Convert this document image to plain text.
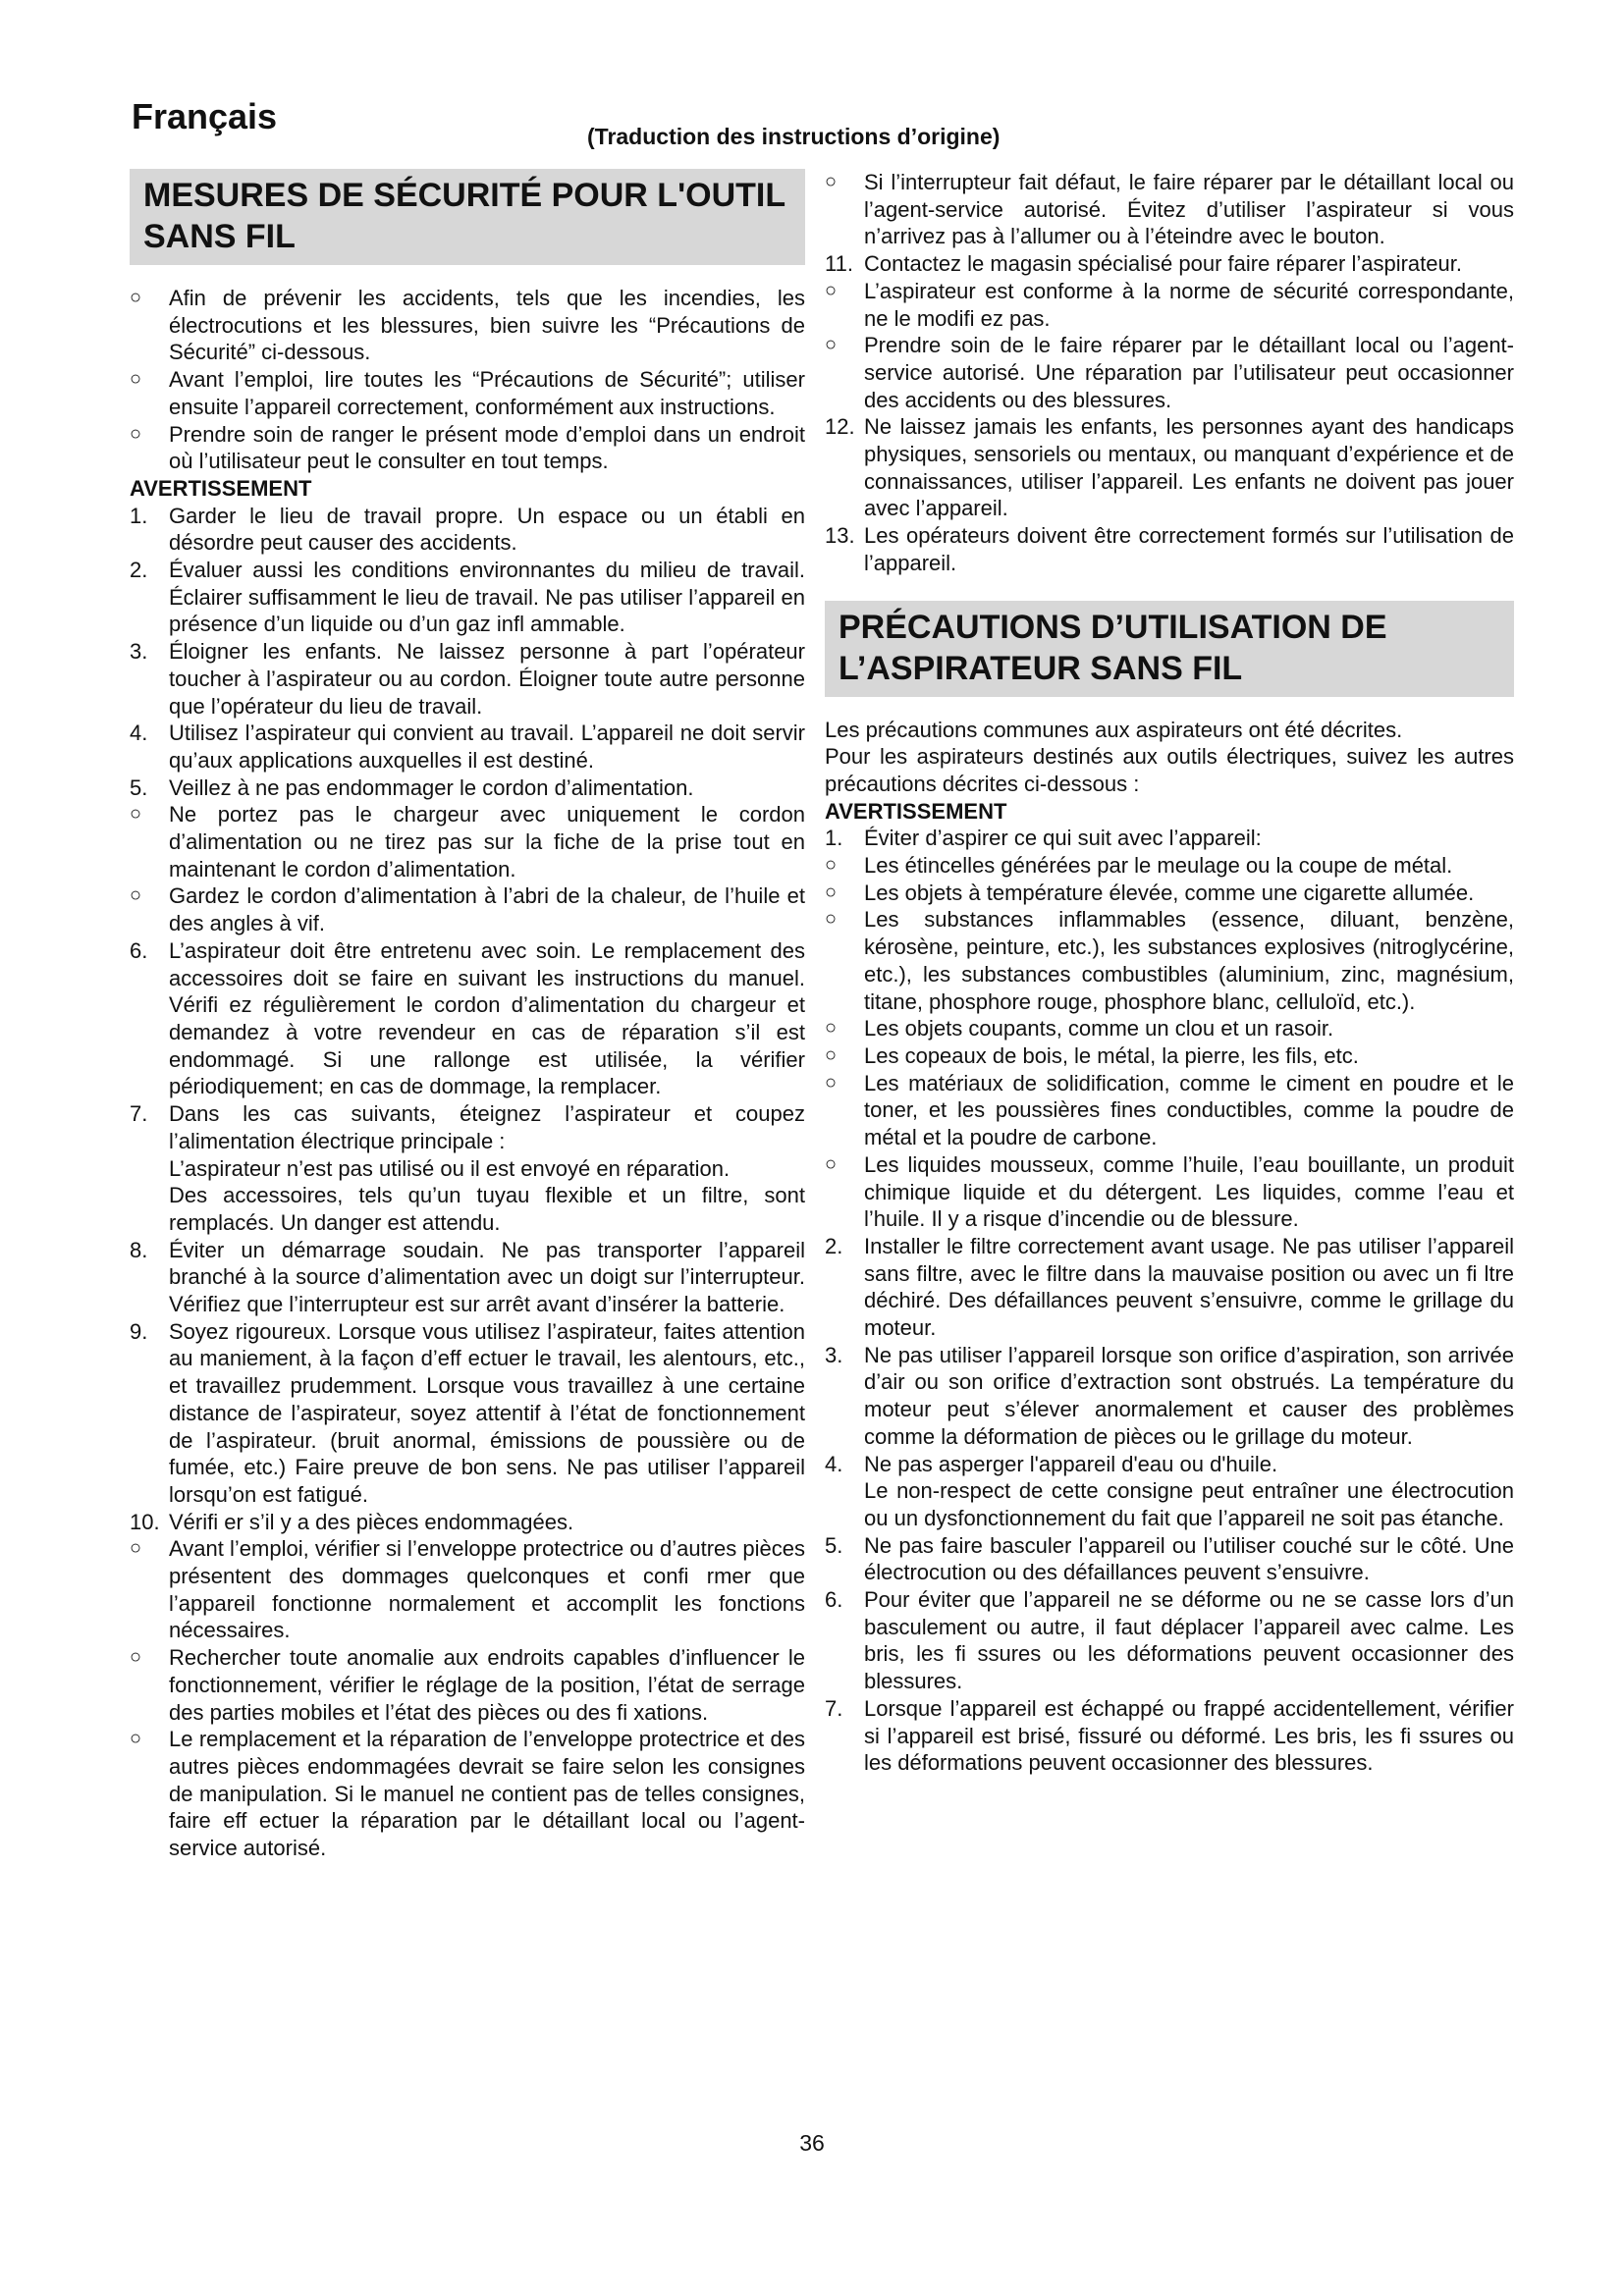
Français	(Traduction des instructions d’origine)
MESURES DE SÉCURITÉ POUR L'OUTIL SANS FIL
○	Afin de prévenir les accidents, tels que les incendies, les électrocutions et les blessures, bien suivre les “Précautions de Sécurité” ci-dessous.
○	Avant l’emploi, lire toutes les “Précautions de Sécurité”; utiliser ensuite l’appareil correctement, conformément aux instructions.
○	Prendre soin de ranger le présent mode d’emploi dans un endroit où l’utilisateur peut le consulter en tout temps.

AVERTISSEMENT

1. Garder le lieu de travail propre. Un espace ou un établi en désordre peut causer des accidents.
2. Évaluer aussi les conditions environnantes du milieu de travail. Éclairer suffisamment le lieu de travail. Ne pas utiliser l’appareil en présence d’un liquide ou d’un gaz infl ammable.
3. Éloigner les enfants. Ne laissez personne à part l’opérateur toucher à l’aspirateur ou au cordon. Éloigner toute autre personne que l’opérateur du lieu de travail.
4. Utilisez l’aspirateur qui convient au travail. L’appareil ne doit servir qu’aux applications auxquelles il est destiné.
5. Veillez à ne pas endommager le cordon d’alimentation.
○	Ne portez pas le chargeur avec uniquement le cordon d’alimentation ou ne tirez pas sur la fiche de la prise tout en maintenant le cordon d’alimentation.
○	Gardez le cordon d’alimentation à l’abri de la chaleur, de l’huile et des angles à vif.
6. L’aspirateur doit être entretenu avec soin. Le remplacement des accessoires doit se faire en suivant les instructions du manuel. Vérifi ez régulièrement le cordon d’alimentation du chargeur et demandez à votre revendeur en cas de réparation s’il est endommagé. Si une rallonge est utilisée, la vérifier périodiquement; en cas de dommage, la remplacer.
7. Dans les cas suivants, éteignez l’aspirateur et coupez l’alimentation électrique principale :
L’aspirateur n’est pas utilisé ou il est envoyé en réparation.
Des accessoires, tels qu’un tuyau flexible et un filtre, sont remplacés. Un danger est attendu.
8. Éviter un démarrage soudain. Ne pas transporter l’appareil branché à la source d’alimentation avec un doigt sur l’interrupteur. Vérifiez que l’interrupteur est sur arrêt avant d’insérer la batterie.
9. Soyez rigoureux. Lorsque vous utilisez l’aspirateur, faites attention au maniement, à la façon d’eff ectuer le travail, les alentours, etc., et travaillez prudemment. Lorsque vous travaillez à une certaine distance de l’aspirateur, soyez attentif à l’état de fonctionnement de l’aspirateur. (bruit anormal, émissions de poussière ou de fumée, etc.) Faire preuve de bon sens. Ne pas utiliser l’appareil lorsqu’on est fatigué.
10. Vérifi er s’il y a des pièces endommagées.
○	Avant l’emploi, vérifier si l’enveloppe protectrice ou d’autres pièces présentent des dommages quelconques et confi rmer que l’appareil fonctionne normalement et accomplit les fonctions nécessaires.
○	Rechercher toute anomalie aux endroits capables d’influencer le fonctionnement, vérifier le réglage de la position, l’état de serrage des parties mobiles et l’état des pièces ou des fi xations.
○	Le remplacement et la réparation de l’enveloppe protectrice et des autres pièces endommagées devrait se faire selon les consignes de manipulation. Si le manuel ne contient pas de telles consignes, faire eff ectuer la réparation par le détaillant local ou l’agent-service autorisé.
○	Si l’interrupteur fait défaut, le faire réparer par le détaillant local ou l’agent-service autorisé. Évitez d’utiliser l’aspirateur si vous n’arrivez pas à l’allumer ou à l’éteindre avec le bouton.
11. Contactez le magasin spécialisé pour faire réparer l’aspirateur.
○	L’aspirateur est conforme à la norme de sécurité correspondante, ne le modifi ez pas.
○	Prendre soin de le faire réparer par le détaillant local ou l’agent-service autorisé. Une réparation par l’utilisateur peut occasionner des accidents ou des blessures.
12. Ne laissez jamais les enfants, les personnes ayant des handicaps physiques, sensoriels ou mentaux, ou manquant d’expérience et de connaissances, utiliser l’appareil. Les enfants ne doivent pas jouer avec l’appareil.
13. Les opérateurs doivent être correctement formés sur l’utilisation de l’appareil.
PRÉCAUTIONS D’UTILISATION DE L’ASPIRATEUR SANS FIL

Les précautions communes aux aspirateurs ont été décrites.

Pour les aspirateurs destinés aux outils électriques, suivez les autres précautions décrites ci-dessous :

AVERTISSEMENT

1. Éviter d’aspirer ce qui suit avec l’appareil:
○	Les étincelles générées par le meulage ou la coupe de métal.
○	Les objets à température élevée, comme une cigarette allumée.
○	Les substances inflammables (essence, diluant, benzène, kérosène, peinture, etc.), les substances explosives (nitroglycérine, etc.), les substances combustibles (aluminium, zinc, magnésium, titane, phosphore rouge, phosphore blanc, celluloïd, etc.).
○	Les objets coupants, comme un clou et un rasoir.
○	Les copeaux de bois, le métal, la pierre, les fils, etc.
○	Les matériaux de solidification, comme le ciment en poudre et le toner, et les poussières fines conductibles, comme la poudre de métal et la poudre de carbone.
○	Les liquides mousseux, comme l’huile, l’eau bouillante, un produit chimique liquide et du détergent. Les liquides, comme l’eau et l’huile. Il y a risque d’incendie ou de blessure.
2. Installer le filtre correctement avant usage. Ne pas utiliser l’appareil sans filtre, avec le filtre dans la mauvaise position ou avec un fi ltre déchiré. Des défaillances peuvent s’ensuivre, comme le grillage du moteur.
3. Ne pas utiliser l’appareil lorsque son orifice d’aspiration, son arrivée d’air ou son orifice d’extraction sont obstrués. La température du moteur peut s’élever anormalement et causer des problèmes comme la déformation de pièces ou le grillage du moteur.
4. Ne pas asperger l'appareil d'eau ou d'huile.
Le non-respect de cette consigne peut entraîner une électrocution ou un dysfonctionnement du fait que l’appareil ne soit pas étanche.
5. Ne pas faire basculer l’appareil ou l’utiliser couché sur le côté. Une électrocution ou des défaillances peuvent s’ensuivre.
6. Pour éviter que l’appareil ne se déforme ou ne se casse lors d’un basculement ou autre, il faut déplacer l’appareil avec calme. Les bris, les fi ssures ou les déformations peuvent occasionner des blessures.
7. Lorsque l’appareil est échappé ou frappé accidentellement, vérifier si l’appareil est brisé, fissuré ou déformé. Les bris, les fi ssures ou les déformations peuvent occasionner des blessures.
36
